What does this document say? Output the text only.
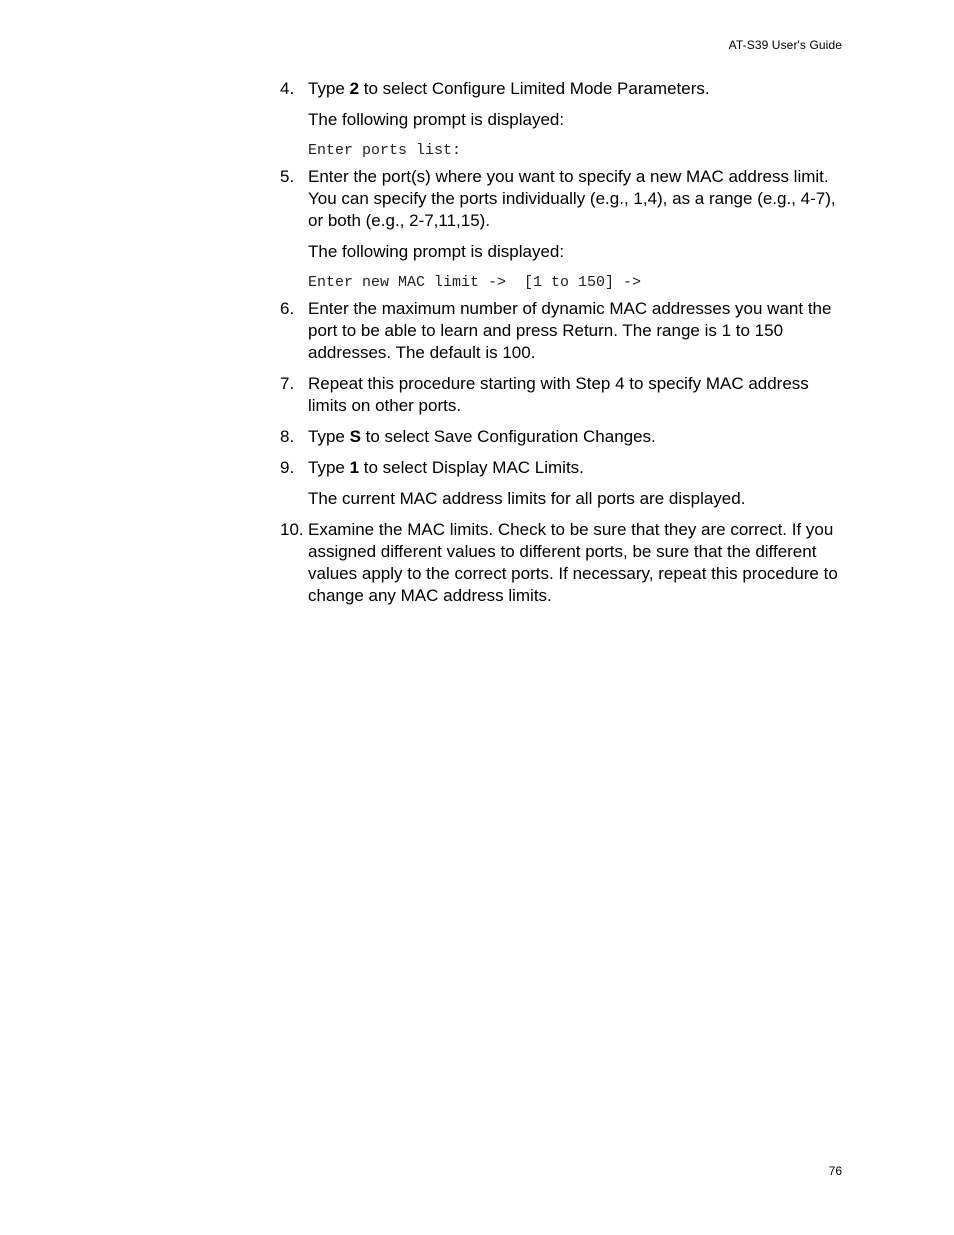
AT-S39 User's Guide
4. Type 2 to select Configure Limited Mode Parameters.
The following prompt is displayed:
Enter ports list:
5. Enter the port(s) where you want to specify a new MAC address limit. You can specify the ports individually (e.g., 1,4), as a range (e.g., 4-7), or both (e.g., 2-7,11,15).
The following prompt is displayed:
Enter new MAC limit ->  [1 to 150] ->
6. Enter the maximum number of dynamic MAC addresses you want the port to be able to learn and press Return. The range is 1 to 150 addresses. The default is 100.
7. Repeat this procedure starting with Step 4 to specify MAC address limits on other ports.
8. Type S to select Save Configuration Changes.
9. Type 1 to select Display MAC Limits.
The current MAC address limits for all ports are displayed.
10. Examine the MAC limits. Check to be sure that they are correct. If you assigned different values to different ports, be sure that the different values apply to the correct ports. If necessary, repeat this procedure to change any MAC address limits.
76
